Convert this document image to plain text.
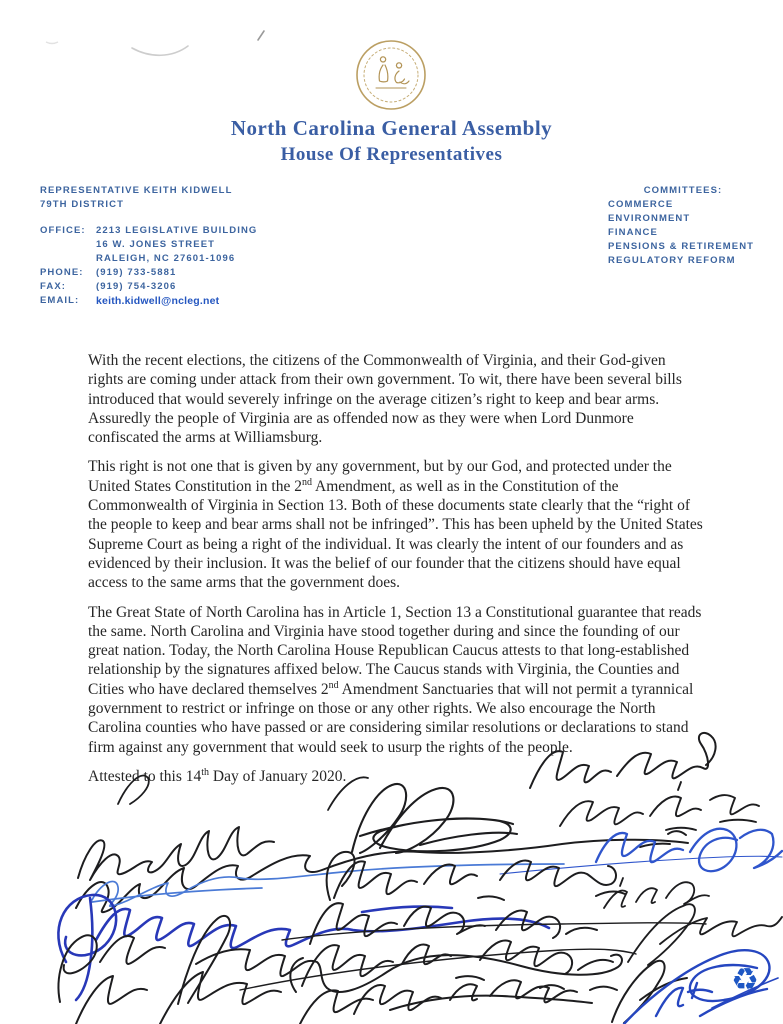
North Carolina General Assembly
House Of Representatives
REPRESENTATIVE KEITH KIDWELL
79TH DISTRICT
OFFICE:	2213 LEGISLATIVE BUILDING
16 W. JONES STREET
RALEIGH, NC 27601-1096
PHONE:	(919) 733-5881
FAX:	(919) 754-3206
EMAIL:	keith.kidwell@ncleg.net
COMMITTEES:
COMMERCE
ENVIRONMENT
FINANCE
PENSIONS & RETIREMENT
REGULATORY REFORM

With the recent elections, the citizens of the Commonwealth of Virginia, and their God-given rights are coming under attack from their own government. To wit, there have been several bills introduced that would severely infringe on the average citizen’s right to keep and bear arms. Assuredly the people of Virginia are as offended now as they were when Lord Dunmore confiscated the arms at Williamsburg.

This right is not one that is given by any government, but by our God, and protected under the United States Constitution in the 2nd Amendment, as well as in the Constitution of the Commonwealth of Virginia in Section 13. Both of these documents state clearly that the “right of the people to keep and bear arms shall not be infringed”. This has been upheld by the United States Supreme Court as being a right of the individual. It was clearly the intent of our founders and as evidenced by their inclusion. It was the belief of our founder that the citizens should have equal access to the same arms that the government does.

The Great State of North Carolina has in Article 1, Section 13 a Constitutional guarantee that reads the same. North Carolina and Virginia have stood together during and since the founding of our great nation. Today, the North Carolina House Republican Caucus attests to that long-established relationship by the signatures affixed below. The Caucus stands with Virginia, the Counties and Cities who have declared themselves 2nd Amendment Sanctuaries that will not permit a tyrannical government to restrict or infringe on those or any other rights. We also encourage the North Carolina counties who have passed or are considering similar resolutions or declarations to stand firm against any government that would seek to usurp the rights of the people.

Attested to this 14th Day of January 2020.

♻
